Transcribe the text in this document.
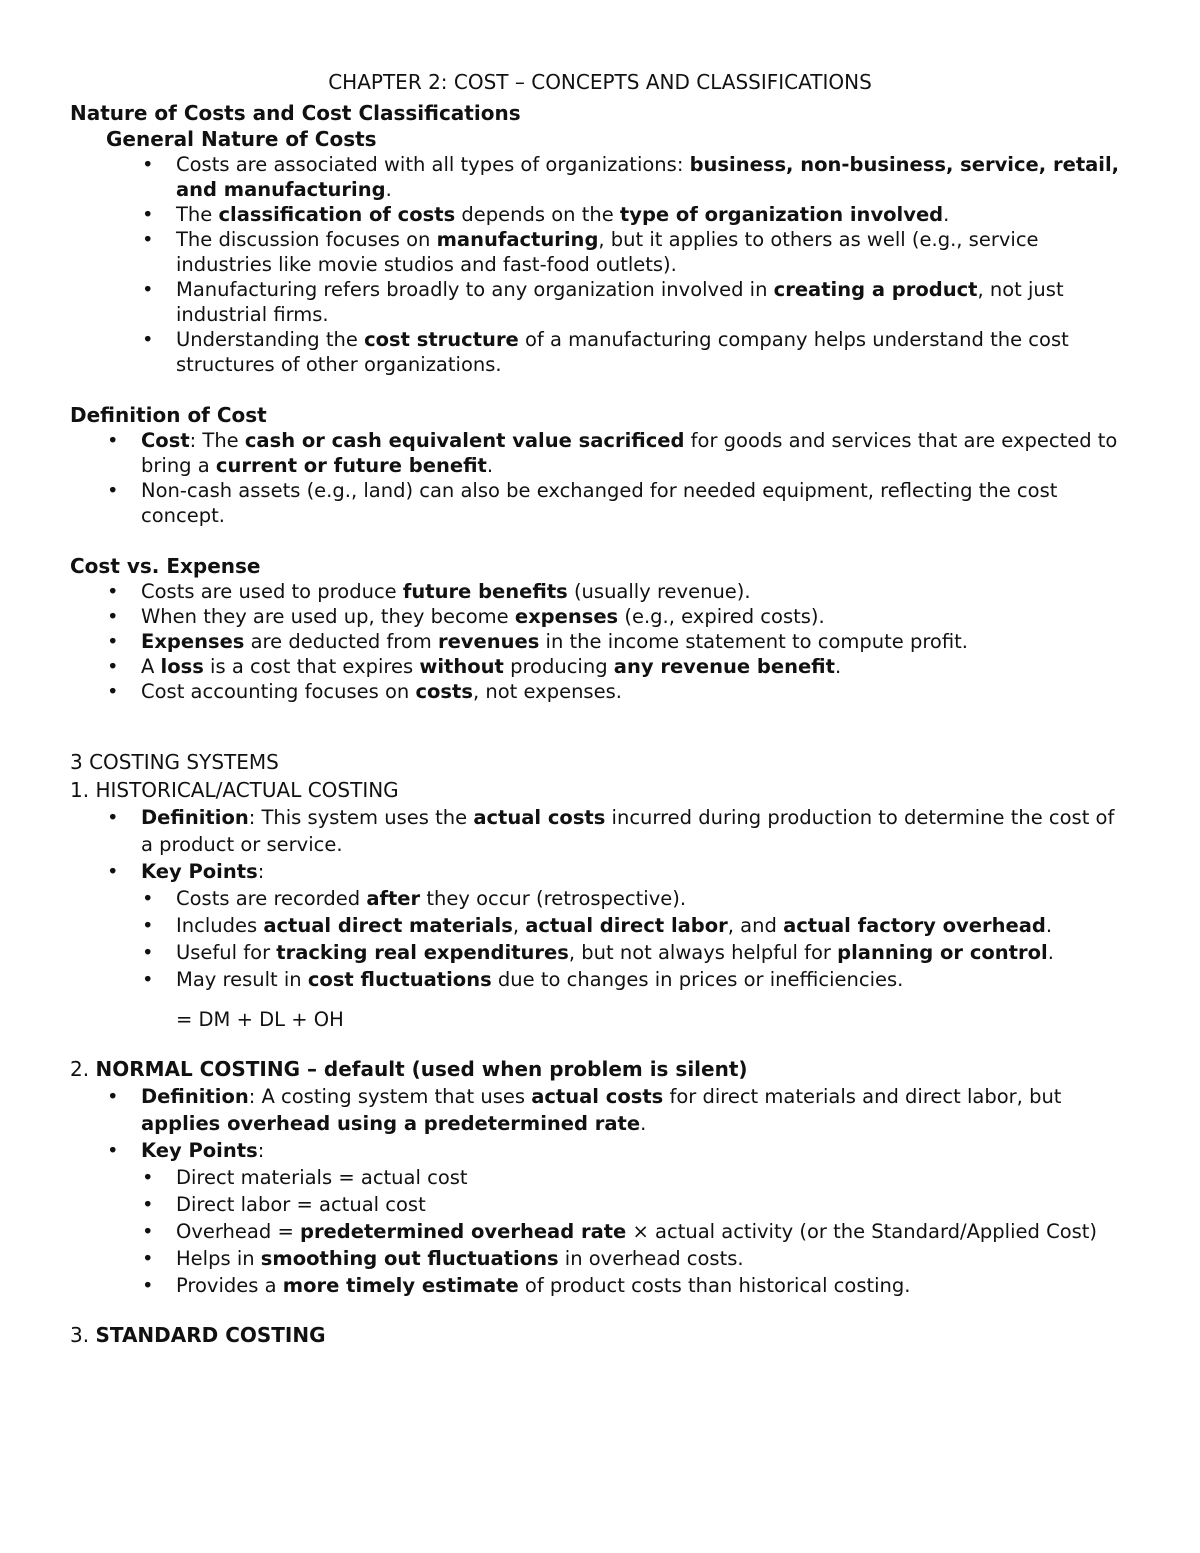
CHAPTER 2: COST – CONCEPTS AND CLASSIFICATIONS
Nature of Costs and Cost Classifications
General Nature of Costs
• Costs are associated with all types of organizations: business, non-business, service, retail, and manufacturing.
• The classification of costs depends on the type of organization involved.
• The discussion focuses on manufacturing, but it applies to others as well (e.g., service industries like movie studios and fast-food outlets).
• Manufacturing refers broadly to any organization involved in creating a product, not just industrial firms.
• Understanding the cost structure of a manufacturing company helps understand the cost structures of other organizations.
Definition of Cost
• Cost: The cash or cash equivalent value sacrificed for goods and services that are expected to bring a current or future benefit.
• Non-cash assets (e.g., land) can also be exchanged for needed equipment, reflecting the cost concept.
Cost vs. Expense
• Costs are used to produce future benefits (usually revenue).
• When they are used up, they become expenses (e.g., expired costs).
• Expenses are deducted from revenues in the income statement to compute profit.
• A loss is a cost that expires without producing any revenue benefit.
• Cost accounting focuses on costs, not expenses.
3 COSTING SYSTEMS
1. HISTORICAL/ACTUAL COSTING
• Definition: This system uses the actual costs incurred during production to determine the cost of a product or service.
• Key Points:
• Costs are recorded after they occur (retrospective).
• Includes actual direct materials, actual direct labor, and actual factory overhead.
• Useful for tracking real expenditures, but not always helpful for planning or control.
• May result in cost fluctuations due to changes in prices or inefficiencies.
= DM + DL + OH
2. NORMAL COSTING – default (used when problem is silent)
• Definition: A costing system that uses actual costs for direct materials and direct labor, but applies overhead using a predetermined rate.
• Key Points:
• Direct materials = actual cost
• Direct labor = actual cost
• Overhead = predetermined overhead rate × actual activity (or the Standard/Applied Cost)
• Helps in smoothing out fluctuations in overhead costs.
• Provides a more timely estimate of product costs than historical costing.
3. STANDARD COSTING
